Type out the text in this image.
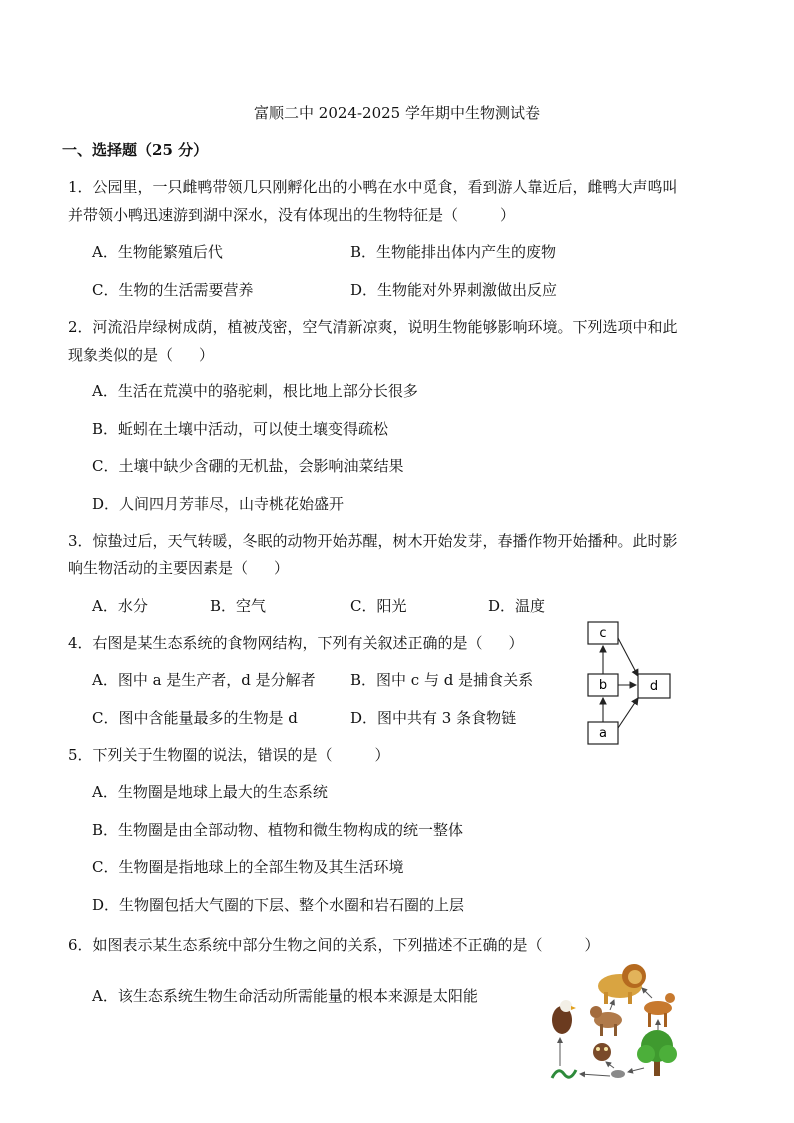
富顺二中 2024-2025 学年期中生物测试卷
一、选择题（25 分）
1．公园里，一只雌鸭带领几只刚孵化出的小鸭在水中觅食，看到游人靠近后，雌鸭大声鸣叫
并带领小鸭迅速游到湖中深水，没有体现出的生物特征是（	）
A．生物能繁殖后代	B．生物能排出体内产生的废物
C．生物的生活需要营养	D．生物能对外界刺激做出反应
2．河流沿岸绿树成荫，植被茂密，空气清新凉爽，说明生物能够影响环境。下列选项中和此
现象类似的是（ ）
A．生活在荒漠中的骆驼刺，根比地上部分长很多
B．蚯蚓在土壤中活动，可以使土壤变得疏松
C．土壤中缺少含硼的无机盐，会影响油菜结果
D．人间四月芳菲尽，山寺桃花始盛开
3．惊蛰过后，天气转暖，冬眠的动物开始苏醒，树木开始发芽，春播作物开始播种。此时影
响生物活动的主要因素是（ ）
A．水分	B．空气	C．阳光	D．温度
4．右图是某生态系统的食物网结构，下列有关叙述正确的是（ ）
A．图中 a 是生产者，d 是分解者 B．图中 c 与 d 是捕食关系
C．图中含能量最多的生物是 d	D．图中共有 3 条食物链
c
b
a
d
5．下列关于生物圈的说法，错误的是（	）
A．生物圈是地球上最大的生态系统
B．生物圈是由全部动物、植物和微生物构成的统一整体
C．生物圈是指地球上的全部生物及其生活环境
D．生物圈包括大气圈的下层、整个水圈和岩石圈的上层
6．如图表示某生态系统中部分生物之间的关系，下列描述不正确的是（	）
A．该生态系统生物生命活动所需能量的根本来源是太阳能
